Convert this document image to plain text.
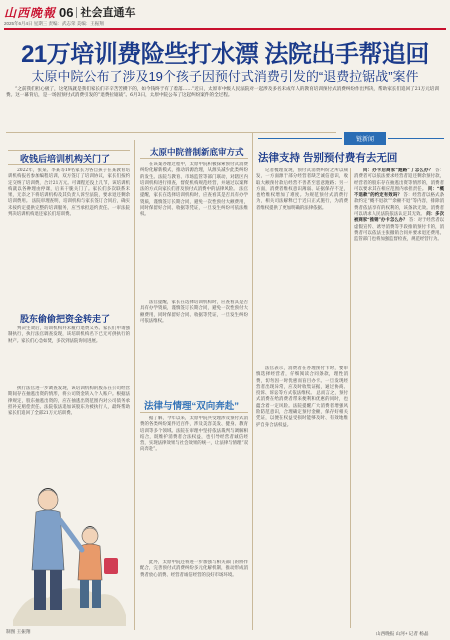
山西晚報 06 社会直通车
2025年6月4日 星期三 责编：武志荣 美编：王振翔
21万培训费险些打水漂 法院出手帮追回
太原中院公布了涉及19个孩子因预付式消费引发的“退费拉锯战”案件
“之前我们担心极了，这笔钱就是我们家长们辛辛苦苦攒下的，如今钱终于有了着落……”近日，太原市中级人民法院对一起涉及多名未成年人的教育培训预付式消费纠纷作出判决，帮助家长们追回了21万元培训费。这一幕背后，是一场因预付式消费引发的“退费拉锯战”。6月3日，太原中院公布了这起纠纷案件的全过程。
收钱后培训机构关门了
2022年，张某、李某等19名家长为各自孩子在某教育培训机构报名参加编程培训，双方签订了培训协议，家长们按约定交纳了培训费，合计21万元。可课程还没上几节，该培训机构就以各种理由停课，后来干脆关门了。家长们多次联系未果，无奈之下将培训机构及其负责人诉至法院，要求退还剩余培训费用。 法院审理查明，培训机构与家长签订合同后，确实未按约定提供完整的培训服务，应当承担违约责任。一审法院判决培训机构退还家长们培训费。
股东偷偷把资金转走了
判决生效后，培训机构并未履行退费义务。家长们申请强制执行，执行法官调查发现，该培训机构名下已无可供执行的财产。家长们心急如焚，多次到法院询问进展。
执行法官进一步调查发现，该培训机构的股东在公司经营期间存在抽逃出资的情形，将公司资金转入个人账户。根据法律规定，股东抽逃出资的，应在抽逃出资范围内对公司债务承担补充赔偿责任。法院依法追加该股东为被执行人，最终帮助家长们追回了全部21万元培训费。
制图 王振翔
太原中院普制新底审方式
在该案办理过程中，太原中院积极探索预付式消费纠纷化解新模式，推动诉源治理，从源头减少此类纠纷的发生。法院与教育、市场监管等部门联动，对辖区内培训机构进行排查，督促机构规范经营，并通过以案释法的方式向家长们普及预付式消费中的法律风险。 法官提醒，家长在选择培训机构时，应查看其是否具有办学资质，谨慎签订长期合同，避免一次性预付大额费用，同时保留好合同、收据等凭证，一旦发生纠纷可依法维权。
法律与情理“双向奔赴”
法官提醒，家长在选择培训机构时，应查看其是否具有办学资质，谨慎签订长期合同，避免一次性预付大额费用，同时保留好合同、收据等凭证，一旦发生纠纷可依法维权。
据了解，今年以来，太原中院共受理涉及预付式消费的各类纠纷案件近百件，涉及美容美发、健身、教育培训等多个领域。法院在审理中坚持依法裁判与调解相结合，既维护消费者合法权益，也引导经营者诚信经营，实现法律效果与社会效果的统一，让法律与情理“双向奔赴”。
此外，太原中院还将进一步加强与相关部门的协作配合，完善预付式消费纠纷多元化解机制，推动形成消费者放心消费、经营者诚信经营的良好市场环境。
链新闻
法律支持 告别预付费有去无回
记者梳理发现，预付式消费纠纷之所以频发，一方面源于部分经营者缺乏诚信意识，收取大额预付款后经营不善甚至恶意跑路；另一方面，消费者维权意识薄弱、证据保存不足，也给维权增加了难度。为规范预付式消费行为，相关司法解释已于近日正式施行，为消费者维权提供了更加明确的法律依据。
法官表示，消费者在办理预付卡时，要审慎选择经营者，仔细阅读合同条款，理性消费，切勿因一时优惠而盲目办卡。一旦发现经营者出现异常，应及时收集证据，通过协商、投诉、诉讼等方式依法维权。 总而言之，预付式消费在给消费者带来便利和优惠的同时，也蕴含着一定风险。法院提醒广大消费者增强风险防范意识，合理确定预付金额，保存好相关凭证，以便在权益受损时能够及时、有效地维护自身合法权益。
问：办卡后商家“跑路”了怎么办？ 答：消费者可以依法要求经营者返还剩余预付款，经营者的股东存在抽逃出资等情形的，消费者可以要求其在相应范围内承担责任。 问：“概不退款”的约定有效吗？ 答：经营者以格式条款约定“概不退款”“余额不退”等内容，排除消费者依法享有的权利的，该条款无效。消费者可以请求人民法院依法认定其无效。 问：多次被商家“推销”办卡怎么办？ 答：对于经营者以虚假宣传、诱导消费等手段推销预付卡的，消费者可以依法主张撤销合同并要求退还费用。监管部门也将加强监督检查，规范经营行为。
山西晚报 山河+ 记者 杨晶
